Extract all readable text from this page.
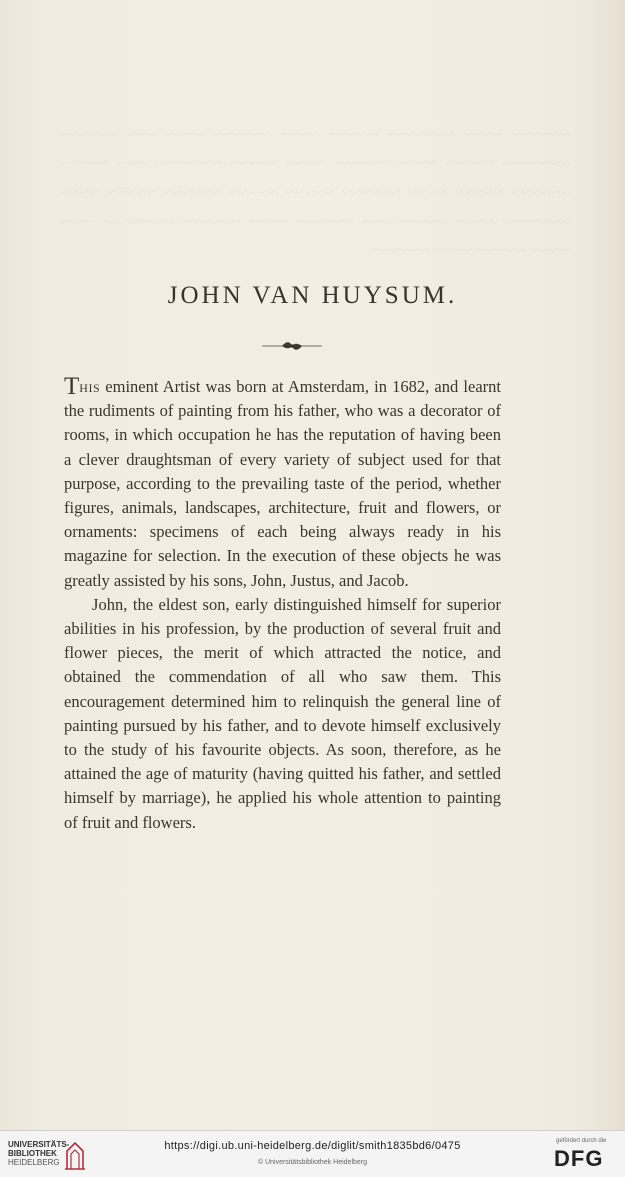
~~~~~~ ~~~~ ~~~~~~~ ~~~~~ ~~~~ ~~~~~~ ~~~~ ~~~ ~~~~~~ ~~~~~~~ ~~~~~ ~~~~ ~~~~~~ ~~~~ ~~~~~ ~~~~~~~ ~~~ ~~~~~ ~~~~~~ ~~~~~ ~~~~ ~~~~~~ ~~~~~ ~~~~~ ~~~~~~ ~~~~~ ~~~~ ~~~~~~~ ~~~~ ~~~~~ ~~~ ~~~~~~ ~~~~ ~~~~~~ ~~~~~ ~~~~~~ ~~~~ ~~~~~ ~~~~ ~~~~~~
JOHN VAN HUYSUM.

This eminent Artist was born at Amsterdam, in 1682, and learnt the rudiments of painting from his father, who was a decorator of rooms, in which occupation he has the reputation of having been a clever draughtsman of every variety of subject used for that purpose, according to the prevailing taste of the period, whether figures, animals, landscapes, architecture, fruit and flowers, or ornaments: specimens of each being always ready in his magazine for selection. In the execution of these objects he was greatly assisted by his sons, John, Justus, and Jacob.

John, the eldest son, early distinguished himself for superior abilities in his profession, by the production of several fruit and flower pieces, the merit of which attracted the notice, and obtained the commendation of all who saw them. This encouragement determined him to relinquish the general line of painting pursued by his father, and to devote himself exclusively to the study of his favourite objects. As soon, therefore, as he attained the age of maturity (having quitted his father, and settled himself by marriage), he applied his whole attention to painting of fruit and flowers.

UNIVERSITÄTS-
BIBLIOTHEK
HEIDELBERG
https://digi.ub.uni-heidelberg.de/diglit/smith1835bd6/0475
© Universitätsbibliothek Heidelberg
gefördert durch die
DFG
